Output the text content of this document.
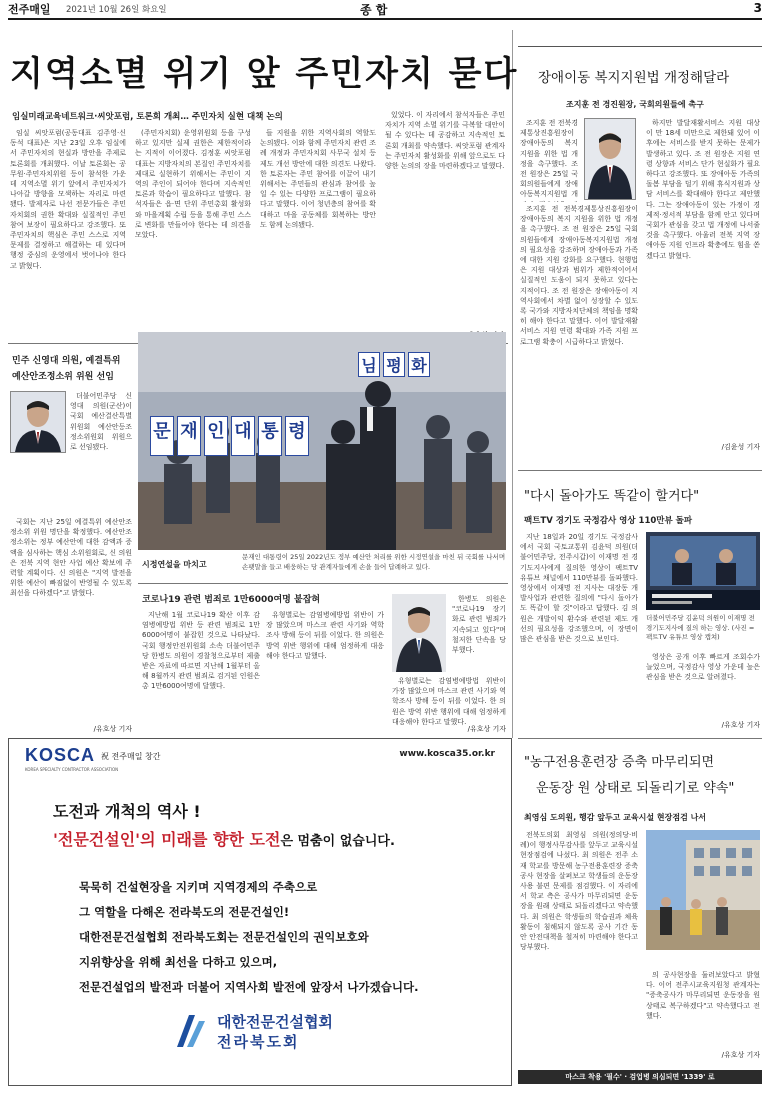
전주매일 2021년 10월 26일 화요일	종 합	3
지역소멸 위기 앞 주민자치 묻다
임실미래교육네트워크·씨앗포럼, 토론회 개최… 주민자치 실현 대책 논의

임실 씨앗포럼(공동대표 김주영·신동석 대표)은 지난 23일 오후 임실에서 주민자치의 현실과 방안을 주제로 토론회를 개최했다. 이날 토론회는 공무원·주민자치위원 등이 참석한 가운데 지역소멸 위기 앞에서 주민자치가 나아갈 방향을 모색하는 자리로 마련됐다. 발제자로 나선 전문가들은 주민자치회의 권한 확대와 실질적인 주민참여 보장이 필요하다고 강조했다. 또 주민자치의 핵심은 주민 스스로 지역 문제를 결정하고 해결하는 데 있다며 행정 중심의 운영에서 벗어나야 한다고 밝혔다.

(주민자치회) 운영위원회 등을 구성하고 있지만 실제 권한은 제한적이라는 지적이 이어졌다. 김정훈 씨앗포럼 대표는 지방자치의 본질인 주민자치를 제대로 실현하기 위해서는 주민이 지역의 주인이 되어야 한다며 지속적인 토론과 학습이 필요하다고 말했다. 참석자들은 읍·면 단위 주민총회 활성화와 마을계획 수립 등을 통해 주민 스스로 변화를 만들어야 한다는 데 의견을 모았다.

들 지원을 위한 지역사회의 역할도 논의됐다. 이와 함께 주민자치 관련 조례 개정과 주민자치회 사무국 설치 등 제도 개선 방안에 대한 의견도 나왔다. 한 토론자는 주민 참여를 이끌어 내기 위해서는 주민들의 관심과 참여를 높일 수 있는 다양한 프로그램이 필요하다고 말했다. 이어 청년층의 참여를 확대하고 마을 공동체를 회복하는 방안도 함께 논의됐다.

있었다. 이 자리에서 참석자들은 주민자치가 지역 소멸 위기를 극복할 대안이 될 수 있다는 데 공감하고 지속적인 토론회 개최를 약속했다. 씨앗포럼 관계자는 주민자치 활성화를 위해 앞으로도 다양한 논의의 장을 마련하겠다고 말했다.

민주 신영대 의원, 예결특위
예산안조정소위 위원 선임

더불어민주당 신영대 의원(군산)이 국회 예산결산특별위원회 예산안등조정소위원회 위원으로 선임됐다.

국회는 지난 25일 예결특위 예산안조정소위 위원 명단을 확정했다. 예산안조정소위는 정부 예산안에 대한 감액과 증액을 심사하는 핵심 소위원회로, 신 의원은 전북 지역 현안 사업 예산 확보에 주력할 계획이다. 신 의원은 "지역 발전을 위한 예산이 빠짐없이 반영될 수 있도록 최선을 다하겠다"고 밝혔다.

/유호상 기자
문 재 인 대 통 령
님 평 화
시정연설을 마치고
문재인 대통령이 25일 2022년도 정부 예산안 처리를 위한 시정연설을 마친 뒤 국회를 나서며 손팻말을 들고 배웅하는 당 관계자들에게 손을 들어 답례하고 있다.
코로나19 관련 범죄로 1만6000여명 붙잡혀

지난해 1월 코로나19 확산 이후 감염병예방법 위반 등 관련 범죄로 1만6000여명이 붙잡힌 것으로 나타났다. 국회 행정안전위원회 소속 더불어민주당 한병도 의원이 경찰청으로부터 제출받은 자료에 따르면 지난해 1월부터 올해 8월까지 관련 범죄로 검거된 인원은 총 1만6000여명에 달했다.

유형별로는 감염병예방법 위반이 가장 많았으며 마스크 관련 사기와 역학조사 방해 등이 뒤를 이었다. 한 의원은 방역 위반 행위에 대해 엄정하게 대응해야 한다고 말했다.

한병도 의원은 "코로나19 장기화로 관련 범죄가 지속되고 있다"며 철저한 단속을 당부했다.

유형별로는 감염병예방법 위반이 가장 많았으며 마스크 관련 사기와 역학조사 방해 등이 뒤를 이었다. 한 의원은 방역 위반 행위에 대해 엄정하게 대응해야 한다고 말했다.

/유호상 기자
KOSCA
KOREA SPECIALTY CONTRACTOR ASSOCIATION
祝 전주매일 창간	www.kosca35.or.kr
도전과 개척의 역사 !
'전문건설인'의 미래를 향한 도전은 멈춤이 없습니다.
묵묵히 건설현장을 지키며 지역경제의 주축으로
그 역할을 다해온 전라북도의 전문건설인!
대한전문건설협회 전라북도회는 전문건설인의 권익보호와
지위향상을 위해 최선을 다하고 있으며,
전문건설업의 발전과 더불어 지역사회 발전에 앞장서 나가겠습니다.
대한전문건설협회
전라북도회
장애이동 복지지원법 개정해달라
조지훈 전 경진원장, 국회의원들에 촉구

조지훈 전 전북경제통상진흥원장이 장애아동의 복지 지원을 위한 법 개정을 촉구했다. 조 전 원장은 25일 국회의원들에게 장애아동복지지원법 개

조지훈 전 전북경제통상진흥원장이 장애아동의 복지 지원을 위한 법 개정을 촉구했다. 조 전 원장은 25일 국회의원들에게 장애아동복지지원법 개정의 필요성을 강조하며 장애아동과 가족에 대한 지원 강화를 요구했다. 현행법은 지원 대상과 범위가 제한적이어서 실질적인 도움이 되지 못하고 있다는 지적이다. 조 전 원장은 장애아동이 지역사회에서 차별 없이 성장할 수 있도록 국가와 지방자치단체의 책임을 명확히 해야 한다고 말했다. 이어 발달재활서비스 지원 연령 확대와 가족 지원 프로그램 확충이 시급하다고 밝혔다.

하지만 발달재활서비스 지원 대상이 만 18세 미만으로 제한돼 있어 이후에는 서비스를 받지 못하는 문제가 발생하고 있다. 조 전 원장은 지원 연령 상향과 서비스 단가 현실화가 필요하다고 강조했다. 또 장애아동 가족의 돌봄 부담을 덜기 위해 휴식지원과 상담 서비스를 확대해야 한다고 제안했다. 그는 장애아동이 있는 가정이 경제적·정서적 부담을 함께 안고 있다며 국회가 관심을 갖고 법 개정에 나서줄 것을 촉구했다. 아울러 전북 지역 장애아동 지원 인프라 확충에도 힘을 쏟겠다고 밝혔다.

/김윤성 기자
"다시 돌아가도 똑같이 할거다"
팩트TV 경기도 국정감사 영상 110만뷰 돌파

지난 18일과 20일 경기도 국정감사에서 국회 국토교통위 김윤덕 의원(더불어민주당, 전주시갑)이 이재명 전 경기도지사에게 질의한 영상이 팩트TV 유튜브 채널에서 110만뷰를 돌파했다. 영상에서 이재명 전 지사는 대장동 개발사업과 관련한 질의에 "다시 돌아가도 똑같이 할 것"이라고 답했다. 김 의원은 개발이익 환수와 관련된 제도 개선의 필요성을 강조했으며, 이 장면이 많은 관심을 받은 것으로 보인다.

더불어민주당 김윤덕 의원이 이재명 전 경기도지사에 질의 하는 영상. (사진 =팩트TV 유튜브 영상 캡쳐)

영상은 공개 이후 빠르게 조회수가 늘었으며, 국정감사 영상 가운데 높은 관심을 받은 것으로 알려졌다.

/유호상 기자
"농구전용훈련장 증축 마무리되면
운동장 원 상태로 되돌리기로 약속"
최영심 도의원, 행감 앞두고 교육시설 현장점검 나서

전북도의회 최영심 의원(정의당·비례)이 행정사무감사를 앞두고 교육시설 현장점검에 나섰다. 최 의원은 전주 소재 학교를 방문해 농구전용훈련장 증축 공사 현장을 살펴보고 학생들의 운동장 사용 불편 문제를 점검했다. 이 자리에서 학교 측은 공사가 마무리되면 운동장을 원래 상태로 되돌리겠다고 약속했다. 최 의원은 학생들의 학습권과 체육활동이 침해되지 않도록 공사 기간 동안 안전대책을 철저히 마련해야 한다고 당부했다.

의 공사현장을 둘러보았다고 밝혔다. 이어 전주시교육지원청 관계자는 "증축공사가 마무리되면 운동장을 원상태로 복구하겠다"고 약속했다고 전했다.

/유호상 기자
마스크 착용 '필수' · 검업병 의심되면 '1339' 로
